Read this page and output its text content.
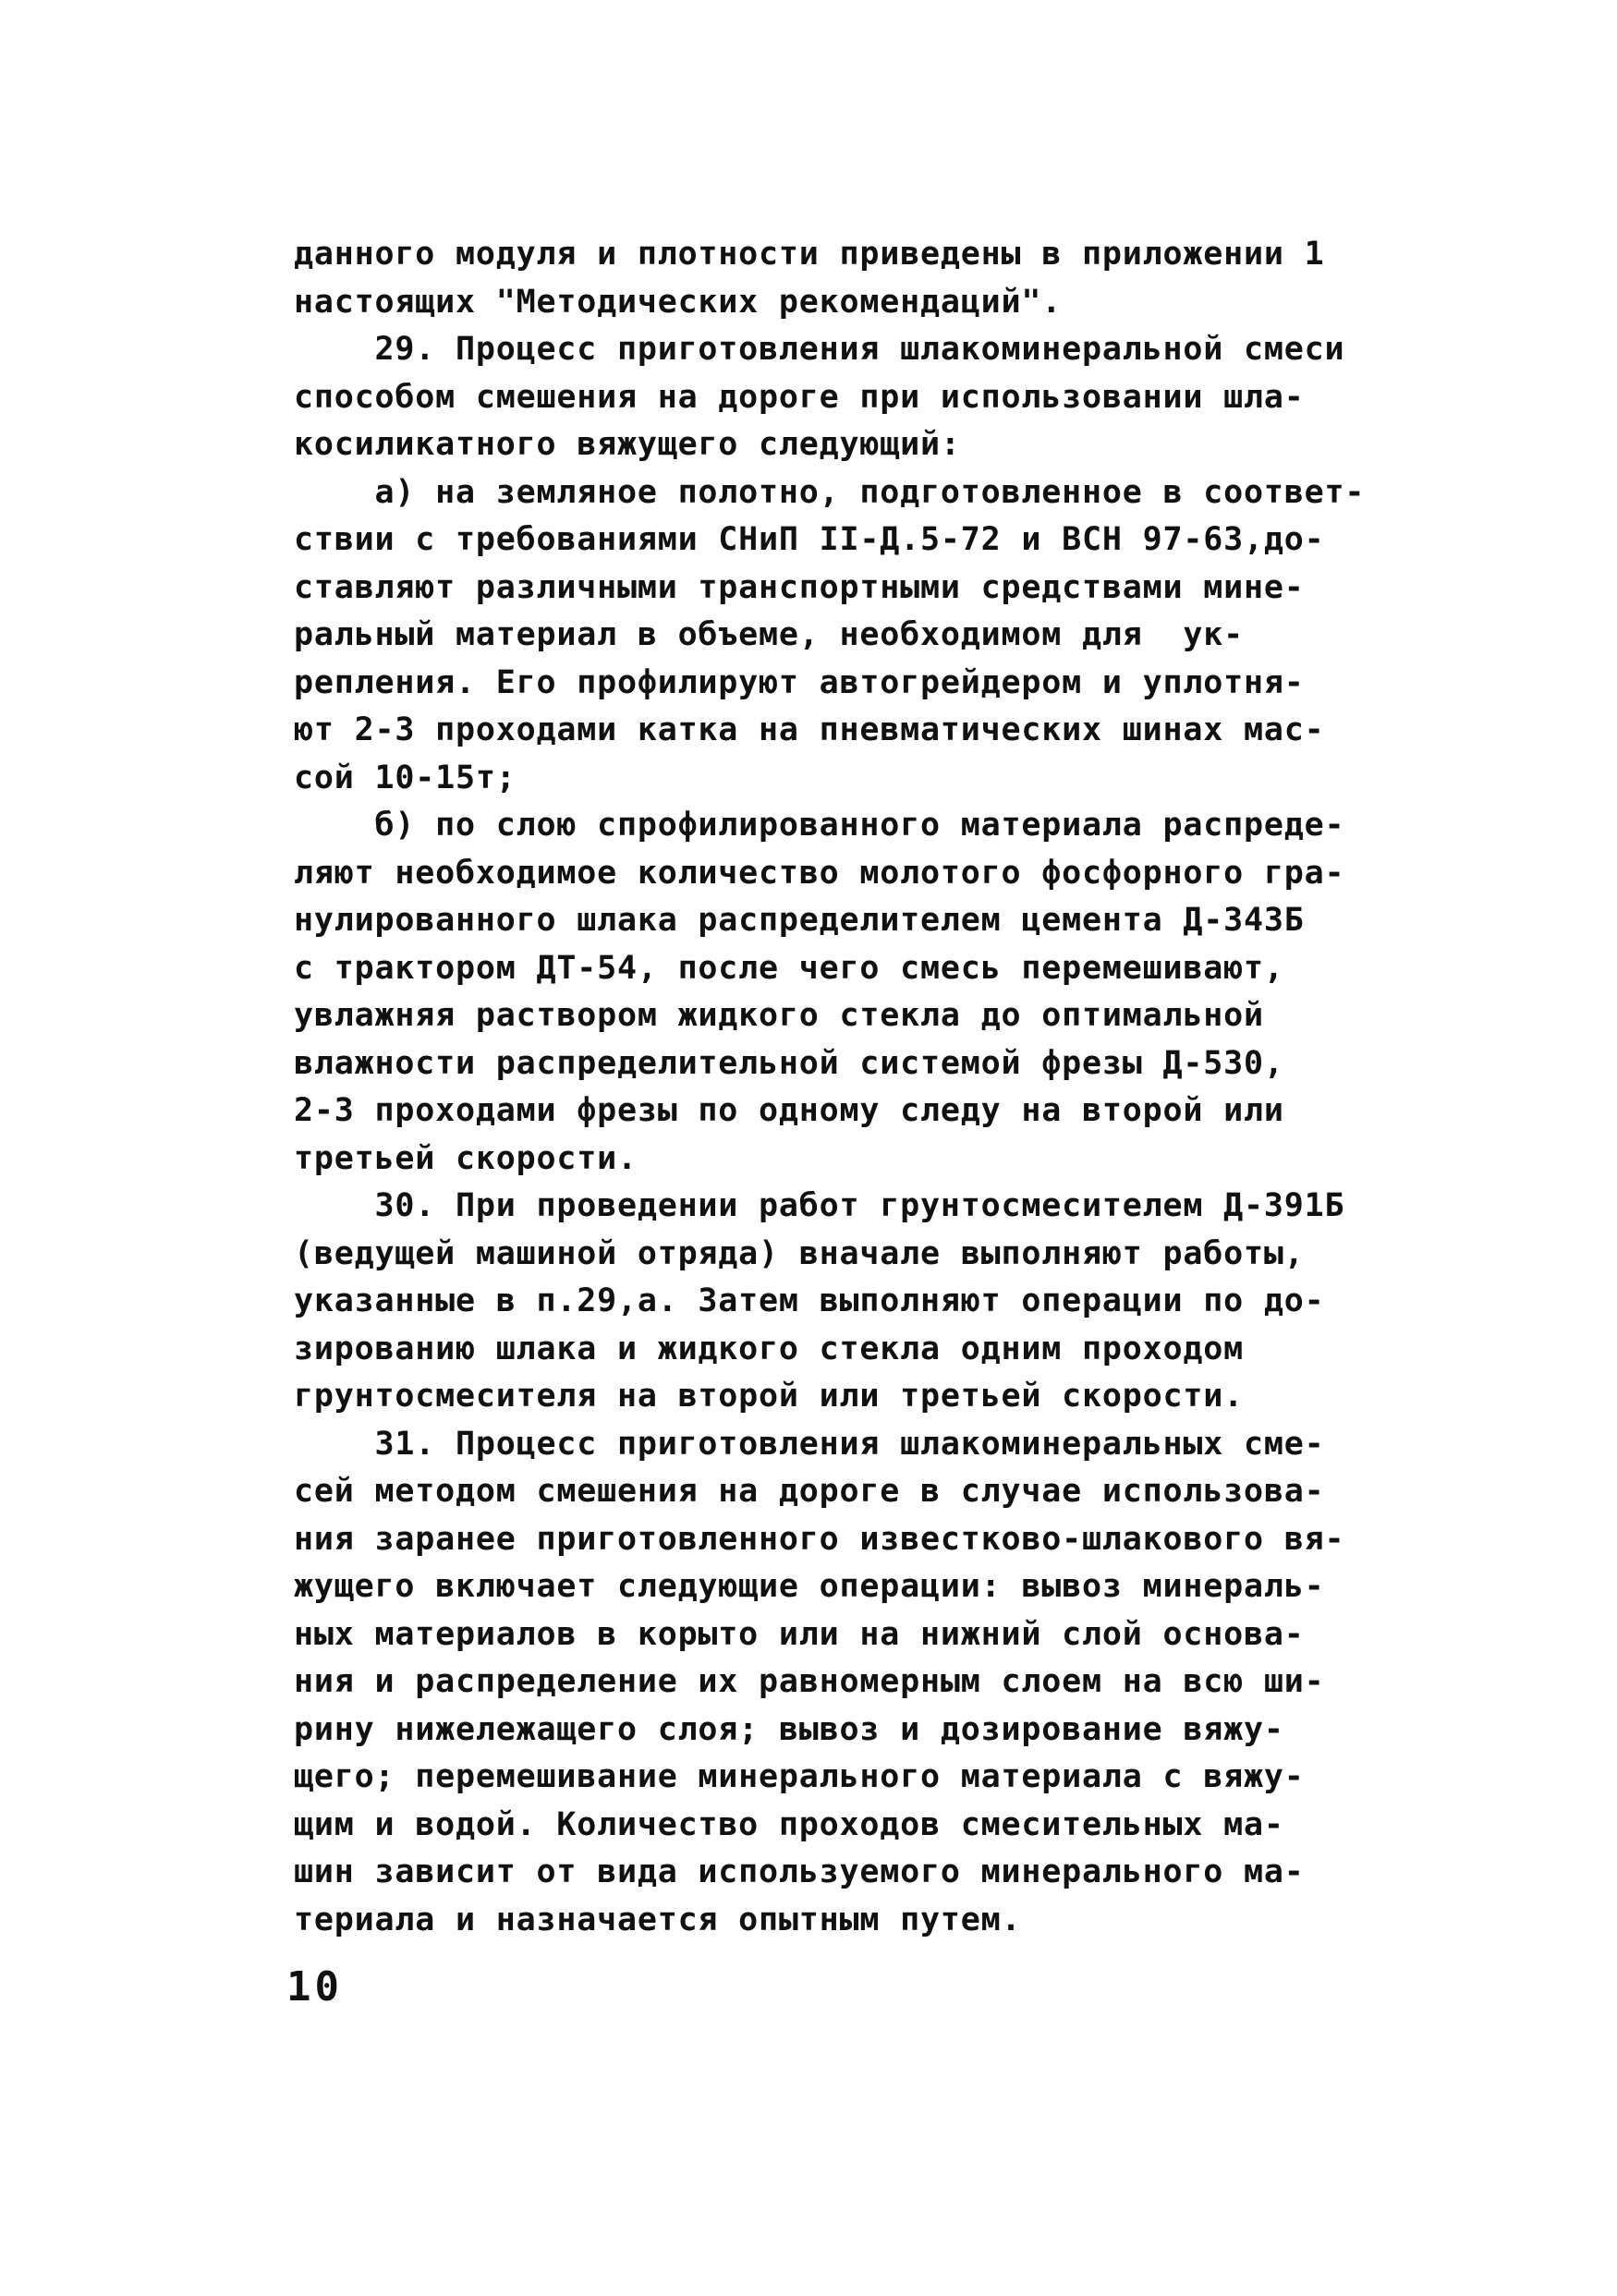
данного модуля и плотности приведены в приложении 1
настоящих "Методических рекомендаций".
29. Процесс приготовления шлакоминеральной смеси
способом смешения на дороге при использовании шла-
косиликатного вяжущего следующий:
а) на земляное полотно, подготовленное в соответ-
ствии с требованиями СНиП II-Д.5-72 и ВСН 97-63,до-
ставляют различными транспортными средствами мине-
ральный материал в объеме, необходимом для  ук-
репления. Его профилируют автогрейдером и уплотня-
ют 2-3 проходами катка на пневматических шинах мас-
сой 10-15т;
б) по слою спрофилированного материала распреде-
ляют необходимое количество молотого фосфорного гра-
нулированного шлака распределителем цемента Д-343Б
с трактором ДТ-54, после чего смесь перемешивают,
увлажняя раствором жидкого стекла до оптимальной
влажности распределительной системой фрезы Д-530,
2-3 проходами фрезы по одному следу на второй или
третьей скорости.
30. При проведении работ грунтосмесителем Д-391Б
(ведущей машиной отряда) вначале выполняют работы,
указанные в п.29,а. Затем выполняют операции по до-
зированию шлака и жидкого стекла одним проходом
грунтосмесителя на второй или третьей скорости.
31. Процесс приготовления шлакоминеральных сме-
сей методом смешения на дороге в случае использова-
ния заранее приготовленного известково-шлакового вя-
жущего включает следующие операции: вывоз минераль-
ных материалов в корыто или на нижний слой основа-
ния и распределение их равномерным слоем на всю ши-
рину нижележащего слоя; вывоз и дозирование вяжу-
щего; перемешивание минерального материала с вяжу-
щим и водой. Количество проходов смесительных ма-
шин зависит от вида используемого минерального ма-
териала и назначается опытным путем.
10
